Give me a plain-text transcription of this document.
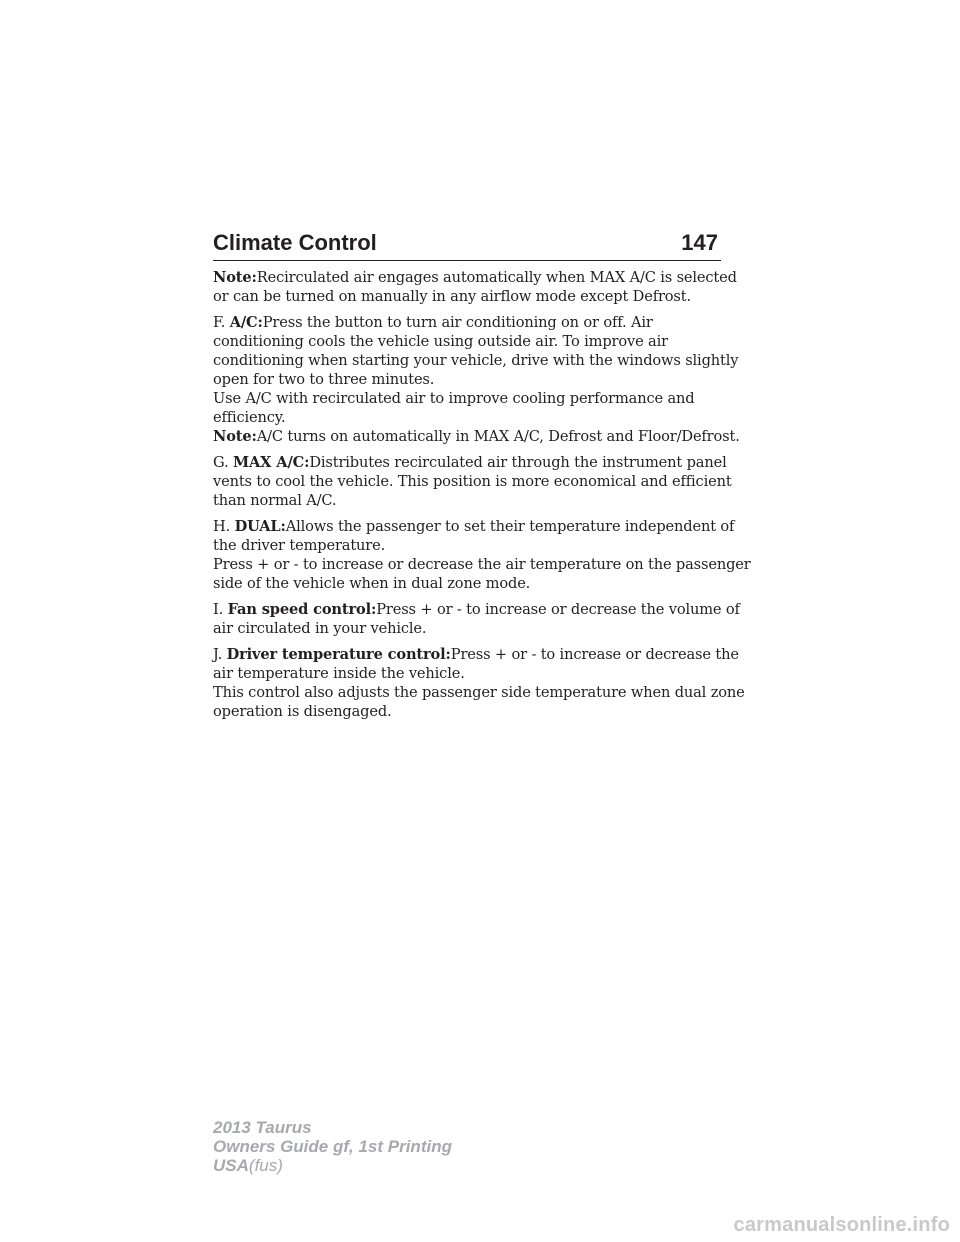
Climate Control	147
Note:Recirculated air engages automatically when MAX A/C is selected
or can be turned on manually in any airflow mode except Defrost.
F. A/C:Press the button to turn air conditioning on or off. Air
conditioning cools the vehicle using outside air. To improve air
conditioning when starting your vehicle, drive with the windows slightly
open for two to three minutes.
Use A/C with recirculated air to improve cooling performance and
efficiency.
Note:A/C turns on automatically in MAX A/C, Defrost and Floor/Defrost.
G. MAX A/C:Distributes recirculated air through the instrument panel
vents to cool the vehicle. This position is more economical and efficient
than normal A/C.
H. DUAL:Allows the passenger to set their temperature independent of
the driver temperature.
Press + or - to increase or decrease the air temperature on the passenger
side of the vehicle when in dual zone mode.
I. Fan speed control:Press + or - to increase or decrease the volume of
air circulated in your vehicle.
J. Driver temperature control:Press + or - to increase or decrease the
air temperature inside the vehicle.
This control also adjusts the passenger side temperature when dual zone
operation is disengaged.
2013 Taurus
Owners Guide gf, 1st Printing
USA(fus)
carmanualsonline.info
